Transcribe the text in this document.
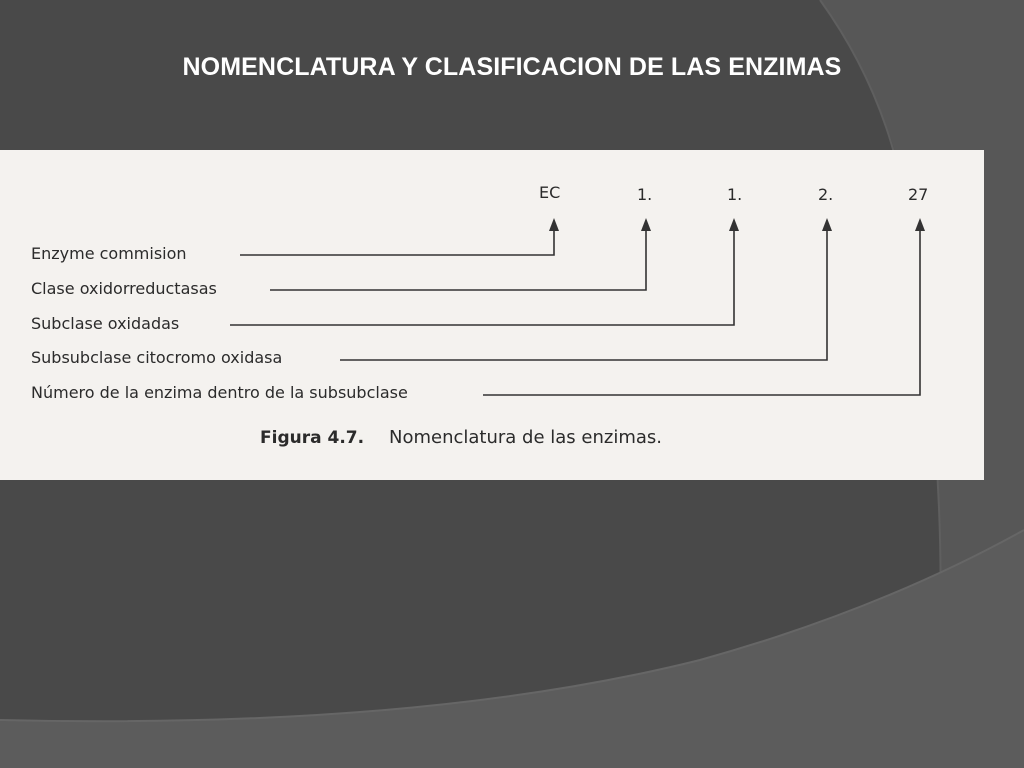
NOMENCLATURA Y CLASIFICACION DE LAS ENZIMAS
EC	1.	1.	2.	27
Enzyme commision
Clase oxidorreductasas
Subclase oxidadas
Subsubclase citocromo oxidasa
Número de la enzima dentro de la subsubclase
Figura 4.7. Nomenclatura de las enzimas.
